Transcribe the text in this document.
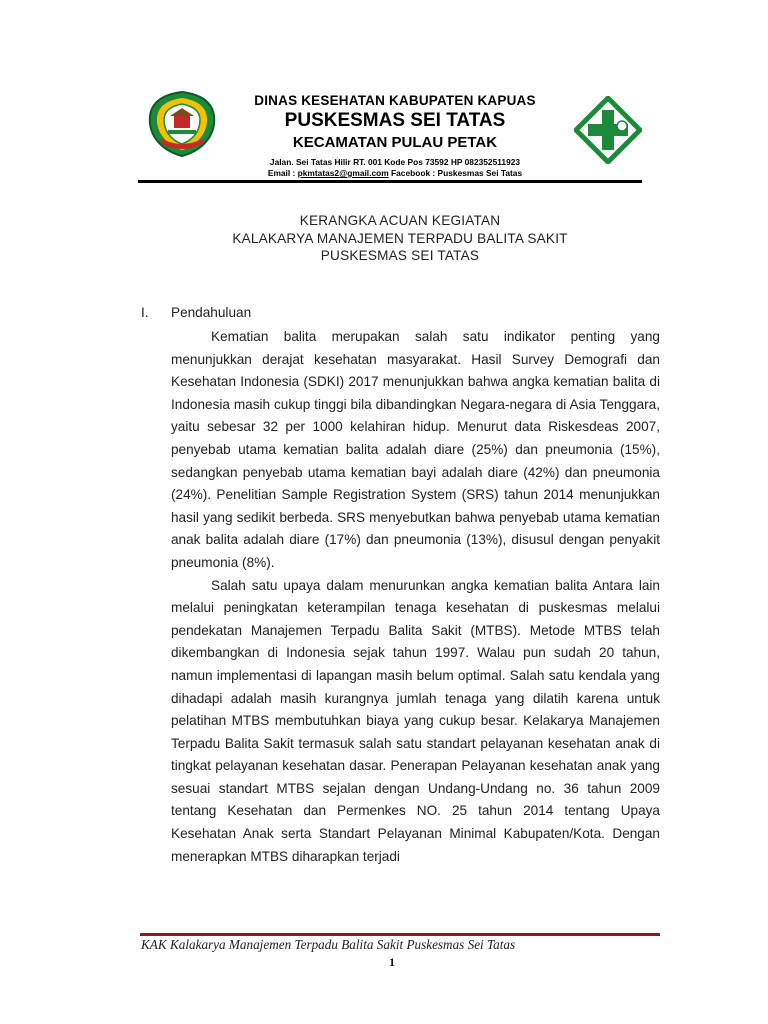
DINAS KESEHATAN KABUPATEN KAPUAS
PUSKESMAS SEI TATAS
KECAMATAN PULAU PETAK
Jalan. Sei Tatas Hilir RT. 001 Kode Pos 73592 HP 082352511923
Email : pkmtatas2@gmail.com Facebook : Puskesmas Sei Tatas
KERANGKA ACUAN KEGIATAN
KALAKARYA MANAJEMEN TERPADU BALITA SAKIT
PUSKESMAS SEI TATAS
I. Pendahuluan

Kematian balita merupakan salah satu indikator penting yang menunjukkan derajat kesehatan masyarakat. Hasil Survey Demografi dan Kesehatan Indonesia (SDKI) 2017 menunjukkan bahwa angka kematian balita di Indonesia masih cukup tinggi bila dibandingkan Negara-negara di Asia Tenggara, yaitu sebesar 32 per 1000 kelahiran hidup. Menurut data Riskesdeas 2007, penyebab utama kematian balita adalah diare (25%) dan pneumonia (15%), sedangkan penyebab utama kematian bayi adalah diare (42%) dan pneumonia (24%). Penelitian Sample Registration System (SRS) tahun 2014 menunjukkan hasil yang sedikit berbeda. SRS menyebutkan bahwa penyebab utama kematian anak balita adalah diare (17%) dan pneumonia (13%), disusul dengan penyakit pneumonia (8%).

Salah satu upaya dalam menurunkan angka kematian balita Antara lain melalui peningkatan keterampilan tenaga kesehatan di puskesmas melalui pendekatan Manajemen Terpadu Balita Sakit (MTBS). Metode MTBS telah dikembangkan di Indonesia sejak tahun 1997. Walau pun sudah 20 tahun, namun implementasi di lapangan masih belum optimal. Salah satu kendala yang dihadapi adalah masih kurangnya jumlah tenaga yang dilatih karena untuk pelatihan MTBS membutuhkan biaya yang cukup besar. Kelakarya Manajemen Terpadu Balita Sakit termasuk salah satu standart pelayanan kesehatan anak di tingkat pelayanan kesehatan dasar. Penerapan Pelayanan kesehatan anak yang sesuai standart MTBS sejalan dengan Undang-Undang no. 36 tahun 2009 tentang Kesehatan dan Permenkes NO. 25 tahun 2014 tentang Upaya Kesehatan Anak serta Standart Pelayanan Minimal Kabupaten/Kota. Dengan menerapkan MTBS diharapkan terjadi

KAK Kalakarya Manajemen Terpadu Balita Sakit Puskesmas Sei Tatas
1
